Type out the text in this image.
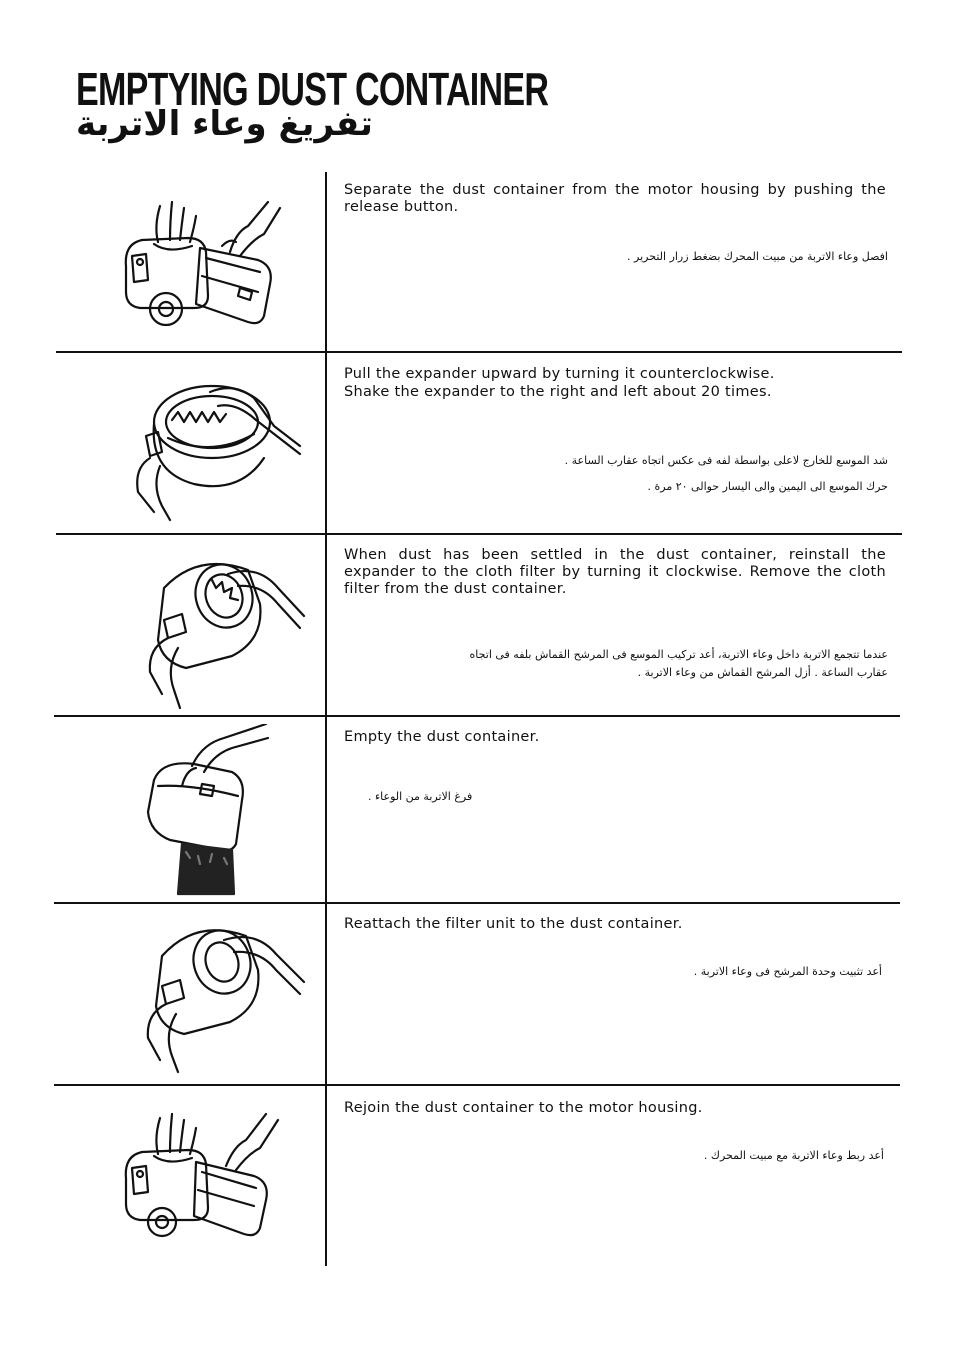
EMPTYING DUST CONTAINER
تفريغ وعاء الاتربة

Separate the dust container from the motor housing by pushing the release button.

افصل وعاء الاتربة من مبيت المحرك بضغط زرار التحرير .

Pull the expander upward by turning it counterclockwise.

Shake the expander to the right and left about 20 times.

شد الموسع للخارج لاعلى بواسطة لفه فى عكس اتجاه عقارب الساعة .

حرك الموسع الى اليمين والى اليسار حوالى ٢٠ مرة .

When dust has been settled in the dust container, reinstall the expander to the cloth filter by turning it clockwise. Remove the cloth filter from the dust container.

عندما تتجمع الاتربة داخل وعاء الاتربة، أعد تركيب الموسع فى المرشح القماش بلفه فى اتجاه

عقارب الساعة . أزل المرشح القماش من وعاء الاتربة .

Empty the dust container.

فرغ الاتربة من الوعاء .

Reattach the filter unit to the dust container.

أعد تثبيت وحدة المرشح فى وعاء الاتربة .

Rejoin the dust container to the motor housing.

أعد ربط وعاء الاتربة مع مبيت المحرك .
